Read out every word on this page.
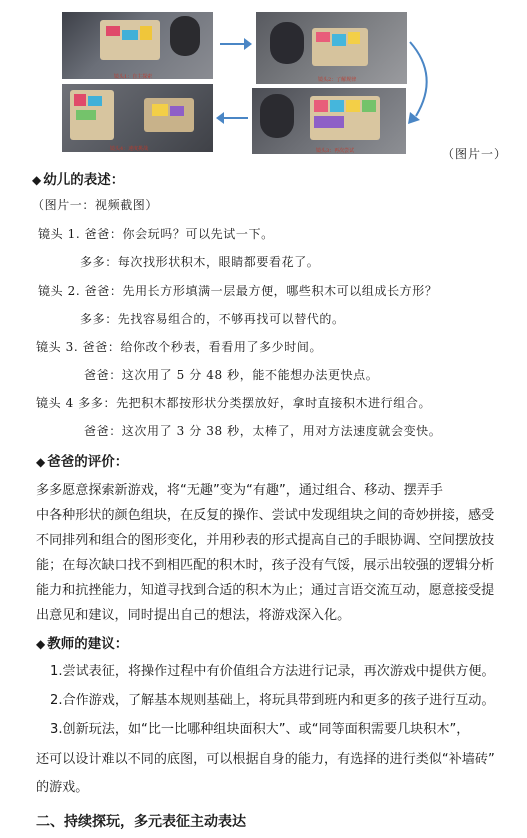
镜头1：自主探索	镜头2：了解规律
镜头4：速度挑战	镜头3：再次尝试	（图片一）
◆ 幼儿的表述：
（图片一：视频截图）
镜头 1. 爸爸：你会玩吗？可以先试一下。
多多：每次找形状积木，眼睛都要看花了。
镜头 2. 爸爸：先用长方形填满一层最方便，哪些积木可以组成长方形？
多多：先找容易组合的，不够再找可以替代的。
镜头 3. 爸爸：给你改个秒表，看看用了多少时间。
爸爸：这次用了 5 分 48 秒，能不能想办法更快点。
镜头 4 多多：先把积木都按形状分类摆放好，拿时直接积木进行组合。
爸爸：这次用了 3 分 38 秒，太棒了，用对方法速度就会变快。
◆ 爸爸的评价：
多多愿意探索新游戏，将“无趣”变为“有趣”，通过组合、移动、摆弄手
中各种形状的颜色组块，在反复的操作、尝试中发现组块之间的奇妙拼接，感受
不同排列和组合的图形变化，并用秒表的形式提高自己的手眼协调、空间摆放技
能；在每次缺口找不到相匹配的积木时，孩子没有气馁，展示出较强的逻辑分析
能力和抗挫能力，知道寻找到合适的积木为止；通过言语交流互动，愿意接受提
出意见和建议，同时提出自己的想法，将游戏深入化。
◆ 教师的建议：
1.尝试表征，将操作过程中有价值组合方法进行记录，再次游戏中提供方便。
2.合作游戏，了解基本规则基础上，将玩具带到班内和更多的孩子进行互动。
3.创新玩法，如“比一比哪种组块面积大”、或“同等面积需要几块积木”，
还可以设计难以不同的底图，可以根据自身的能力，有选择的进行类似“补墙砖”
的游戏。
二、持续探玩，多元表征主动表达
